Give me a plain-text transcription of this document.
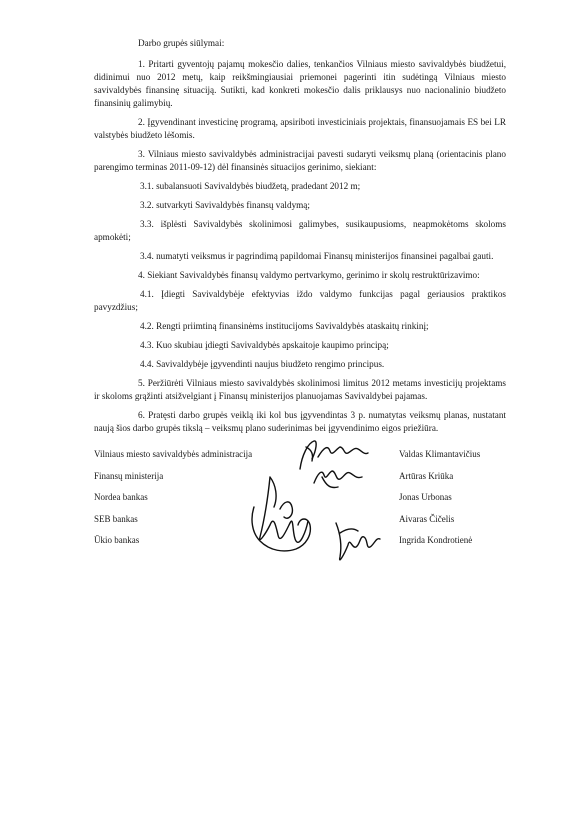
Darbo grupės siūlymai:

1. Pritarti gyventojų pajamų mokesčio dalies, tenkančios Vilniaus miesto savivaldybės biudžetui, didinimui nuo 2012 metų, kaip reikšmingiausiai priemonei pagerinti itin sudėtingą Vilniaus miesto savivaldybės finansinę situaciją. Sutikti, kad konkreti mokesčio dalis priklausys nuo nacionalinio biudžeto finansinių galimybių.

2. Įgyvendinant investicinę programą, apsiriboti investiciniais projektais, finansuojamais ES bei LR valstybės biudžeto lėšomis.

3. Vilniaus miesto savivaldybės administracijai pavesti sudaryti veiksmų planą (orientacinis plano parengimo terminas 2011-09-12) dėl finansinės situacijos gerinimo, siekiant:

3.1. subalansuoti Savivaldybės biudžetą, pradedant 2012 m;

3.2. sutvarkyti Savivaldybės finansų valdymą;

3.3. išplėsti Savivaldybės skolinimosi galimybes, susikaupusioms, neapmokėtoms skoloms apmokėti;

3.4. numatyti veiksmus ir pagrindimą papildomai Finansų ministerijos finansinei pagalbai gauti.

4. Siekiant Savivaldybės finansų valdymo pertvarkymo, gerinimo ir skolų restruktūrizavimo:

4.1. Įdiegti Savivaldybėje efektyvias iždo valdymo funkcijas pagal geriausios praktikos pavyzdžius;

4.2. Rengti priimtiną finansinėms institucijoms Savivaldybės ataskaitų rinkinį;

4.3. Kuo skubiau įdiegti Savivaldybės apskaitoje kaupimo principą;

4.4. Savivaldybėje įgyvendinti naujus biudžeto rengimo principus.

5. Peržiūrėti Vilniaus miesto savivaldybės skolinimosi limitus 2012 metams investicijų projektams ir skoloms grąžinti atsižvelgiant į Finansų ministerijos planuojamas Savivaldybei pajamas.

6. Pratęsti darbo grupės veiklą iki kol bus įgyvendintas 3 p. numatytas veiksmų planas, nustatant naują šios darbo grupės tikslą – veiksmų plano suderinimas bei įgyvendinimo eigos priežiūra.

Vilniaus miesto savivaldybės administracija	Valdas Klimantavičius
Finansų ministerija	Artūras Kriūka
Nordea bankas	Jonas Urbonas
SEB bankas	Aivaras Čičelis
Ūkio bankas	Ingrida Kondrotienė
